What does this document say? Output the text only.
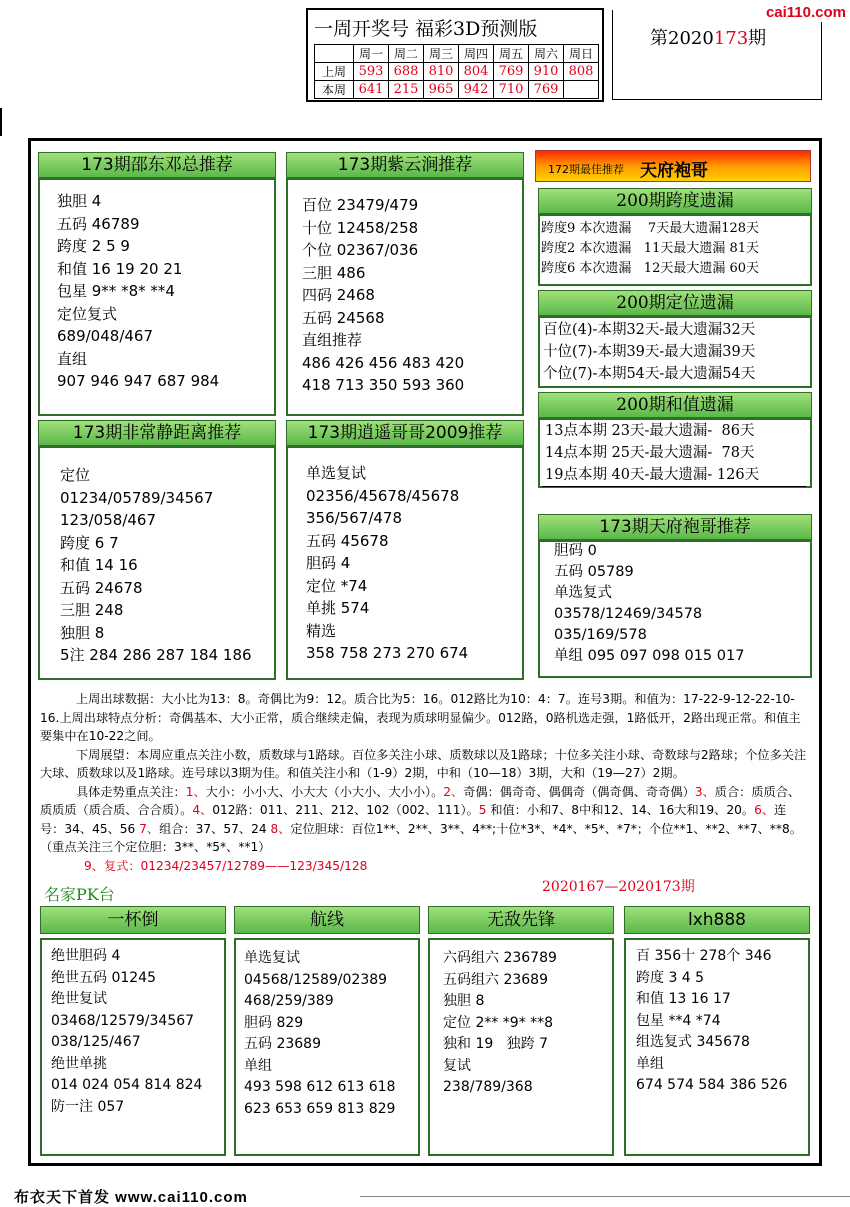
一周开奖号 福彩3D预测版
	周一	周二	周三	周四	周五	周六	周日
上周	593	688	810	804	769	910	808
本周	641	215	965	942	710	769	
第2020173期
cai110.com
173期邵东邓总推荐
独胆 4
五码 46789
跨度 2 5 9
和值 16 19 20 21
包星 9** *8* **4
定位复式
689/048/467
直组
907 946 947 687 984
173期紫云涧推荐
百位 23479/479
十位 12458/258
个位 02367/036
三胆 486
四码 2468
五码 24568
直组推荐
486 426 456 483 420
418 713 350 593 360
173期非常静距离推荐
定位
01234/05789/34567
123/058/467
跨度 6 7
和值 14 16
五码 24678
三胆 248
独胆 8
5注 284 286 287 184 186
173期逍遥哥哥2009推荐
单选复试
02356/45678/45678
356/567/478
五码 45678
胆码 4
定位 *74
单挑 574
精选
358 758 273 270 674
172期最佳推荐 天府袍哥
200期跨度遗漏
跨度9 本次遗漏    7天最大遗漏128天
跨度2 本次遗漏   11天最大遗漏 81天
跨度6 本次遗漏   12天最大遗漏 60天
200期定位遗漏
百位(4)-本期32天-最大遗漏32天
十位(7)-本期39天-最大遗漏39天
个位(7)-本期54天-最大遗漏54天
200期和值遗漏
13点本期 23天-最大遗漏-  86天
14点本期 25天-最大遗漏-  78天
19点本期 40天-最大遗漏- 126天
173期天府袍哥推荐
胆码 0
五码 05789
单选复式
03578/12469/34578
035/169/578
单组 095 097 098 015 017

上周出球数据：大小比为13：8。奇偶比为9：12。质合比为5：16。012路比为10：4：7。连号3期。和值为：17-22-9-12-22-10-16.上周出球特点分析：奇偶基本、大小正常，质合继续走偏，表现为质球明显偏少。012路，0路机选走强，1路低开，2路出现正常。和值主要集中在10-22之间。

下周展望：本周应重点关注小数，质数球与1路球。百位多关注小球、质数球以及1路球；十位多关注小球、奇数球与2路球；个位多关注大球、质数球以及1路球。连号球以3期为佳。和值关注小和（1-9）2期，中和（10—18）3期，大和（19—27）2期。

具体走势重点关注：1、大小：小小大、小大大（小大小、大小小）。2、奇偶：偶奇奇、偶偶奇（偶奇偶、奇奇偶）3、质合：质质合、质质质（质合质、合合质）。4、012路：011、211、212、102（002、111）。5 和值：小和7、8中和12、14、16大和19、20。6、连号：34、45、56 7、组合：37、57、24 8、定位胆球：百位1**、2**、3**、4**;十位*3*、*4*、*5*、*7*；个位**1、**2、**7、**8。（重点关注三个定位胆：3**、*5*、**1）

9、复式：01234/23457/12789——123/345/128

名家PK台	2020167—2020173期
一杯倒
绝世胆码 4
绝世五码 01245
绝世复试
03468/12579/34567
038/125/467
绝世单挑
014 024 054 814 824
防一注 057
航线
单选复试
04568/12589/02389
468/259/389
胆码 829
五码 23689
单组
493 598 612 613 618
623 653 659 813 829
无敌先锋
六码组六 236789
五码组六 23689
独胆 8
定位 2** *9* **8
独和 19   独跨 7
复试
238/789/368
lxh888
百 356十 278个 346
跨度 3 4 5
和值 13 16 17
包星 **4 *74
组选复式 345678
单组
674 574 584 386 526
布衣天下首发 www.cai110.com
